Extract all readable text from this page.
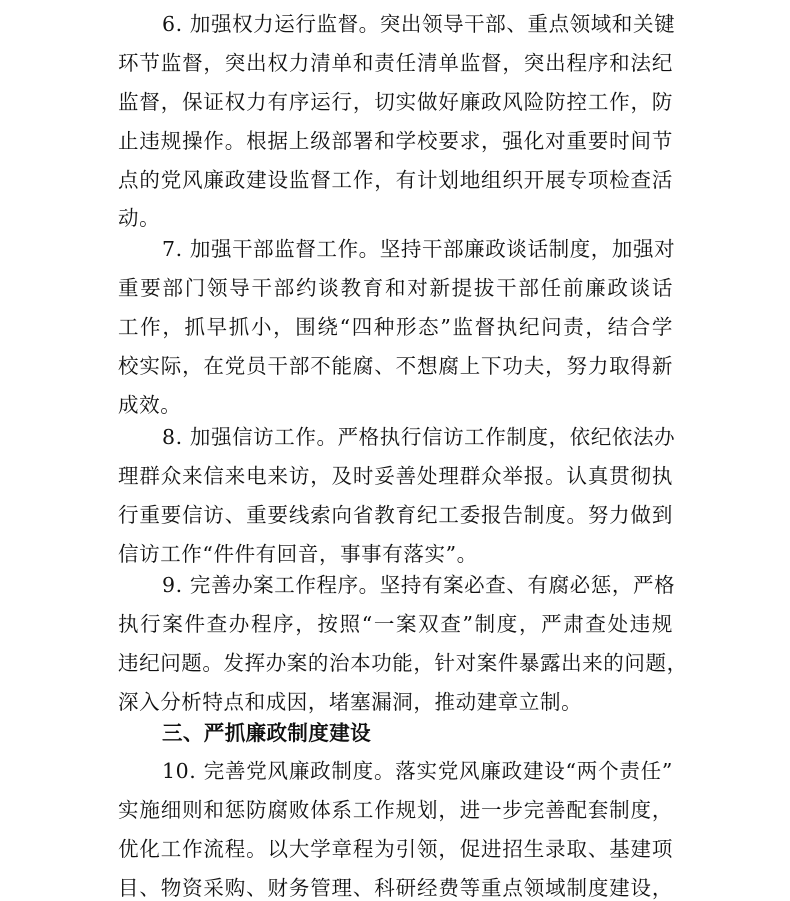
6. 加强权力运行监督。突出领导干部、重点领域和关键
环节监督，突出权力清单和责任清单监督，突出程序和法纪
监督，保证权力有序运行，切实做好廉政风险防控工作，防
止违规操作。根据上级部署和学校要求，强化对重要时间节
点的党风廉政建设监督工作，有计划地组织开展专项检查活
动。
7. 加强干部监督工作。坚持干部廉政谈话制度，加强对
重要部门领导干部约谈教育和对新提拔干部任前廉政谈话
工作，抓早抓小，围绕“四种形态”监督执纪问责，结合学
校实际，在党员干部不能腐、不想腐上下功夫，努力取得新
成效。
8. 加强信访工作。严格执行信访工作制度，依纪依法办
理群众来信来电来访，及时妥善处理群众举报。认真贯彻执
行重要信访、重要线索向省教育纪工委报告制度。努力做到
信访工作“件件有回音，事事有落实”。
9. 完善办案工作程序。坚持有案必查、有腐必惩，严格
执行案件查办程序，按照“一案双查”制度，严肃查处违规
违纪问题。发挥办案的治本功能，针对案件暴露出来的问题，
深入分析特点和成因，堵塞漏洞，推动建章立制。
三、严抓廉政制度建设
10. 完善党风廉政制度。落实党风廉政建设“两个责任”
实施细则和惩防腐败体系工作规划，进一步完善配套制度，
优化工作流程。以大学章程为引领，促进招生录取、基建项
目、物资采购、财务管理、科研经费等重点领域制度建设，
